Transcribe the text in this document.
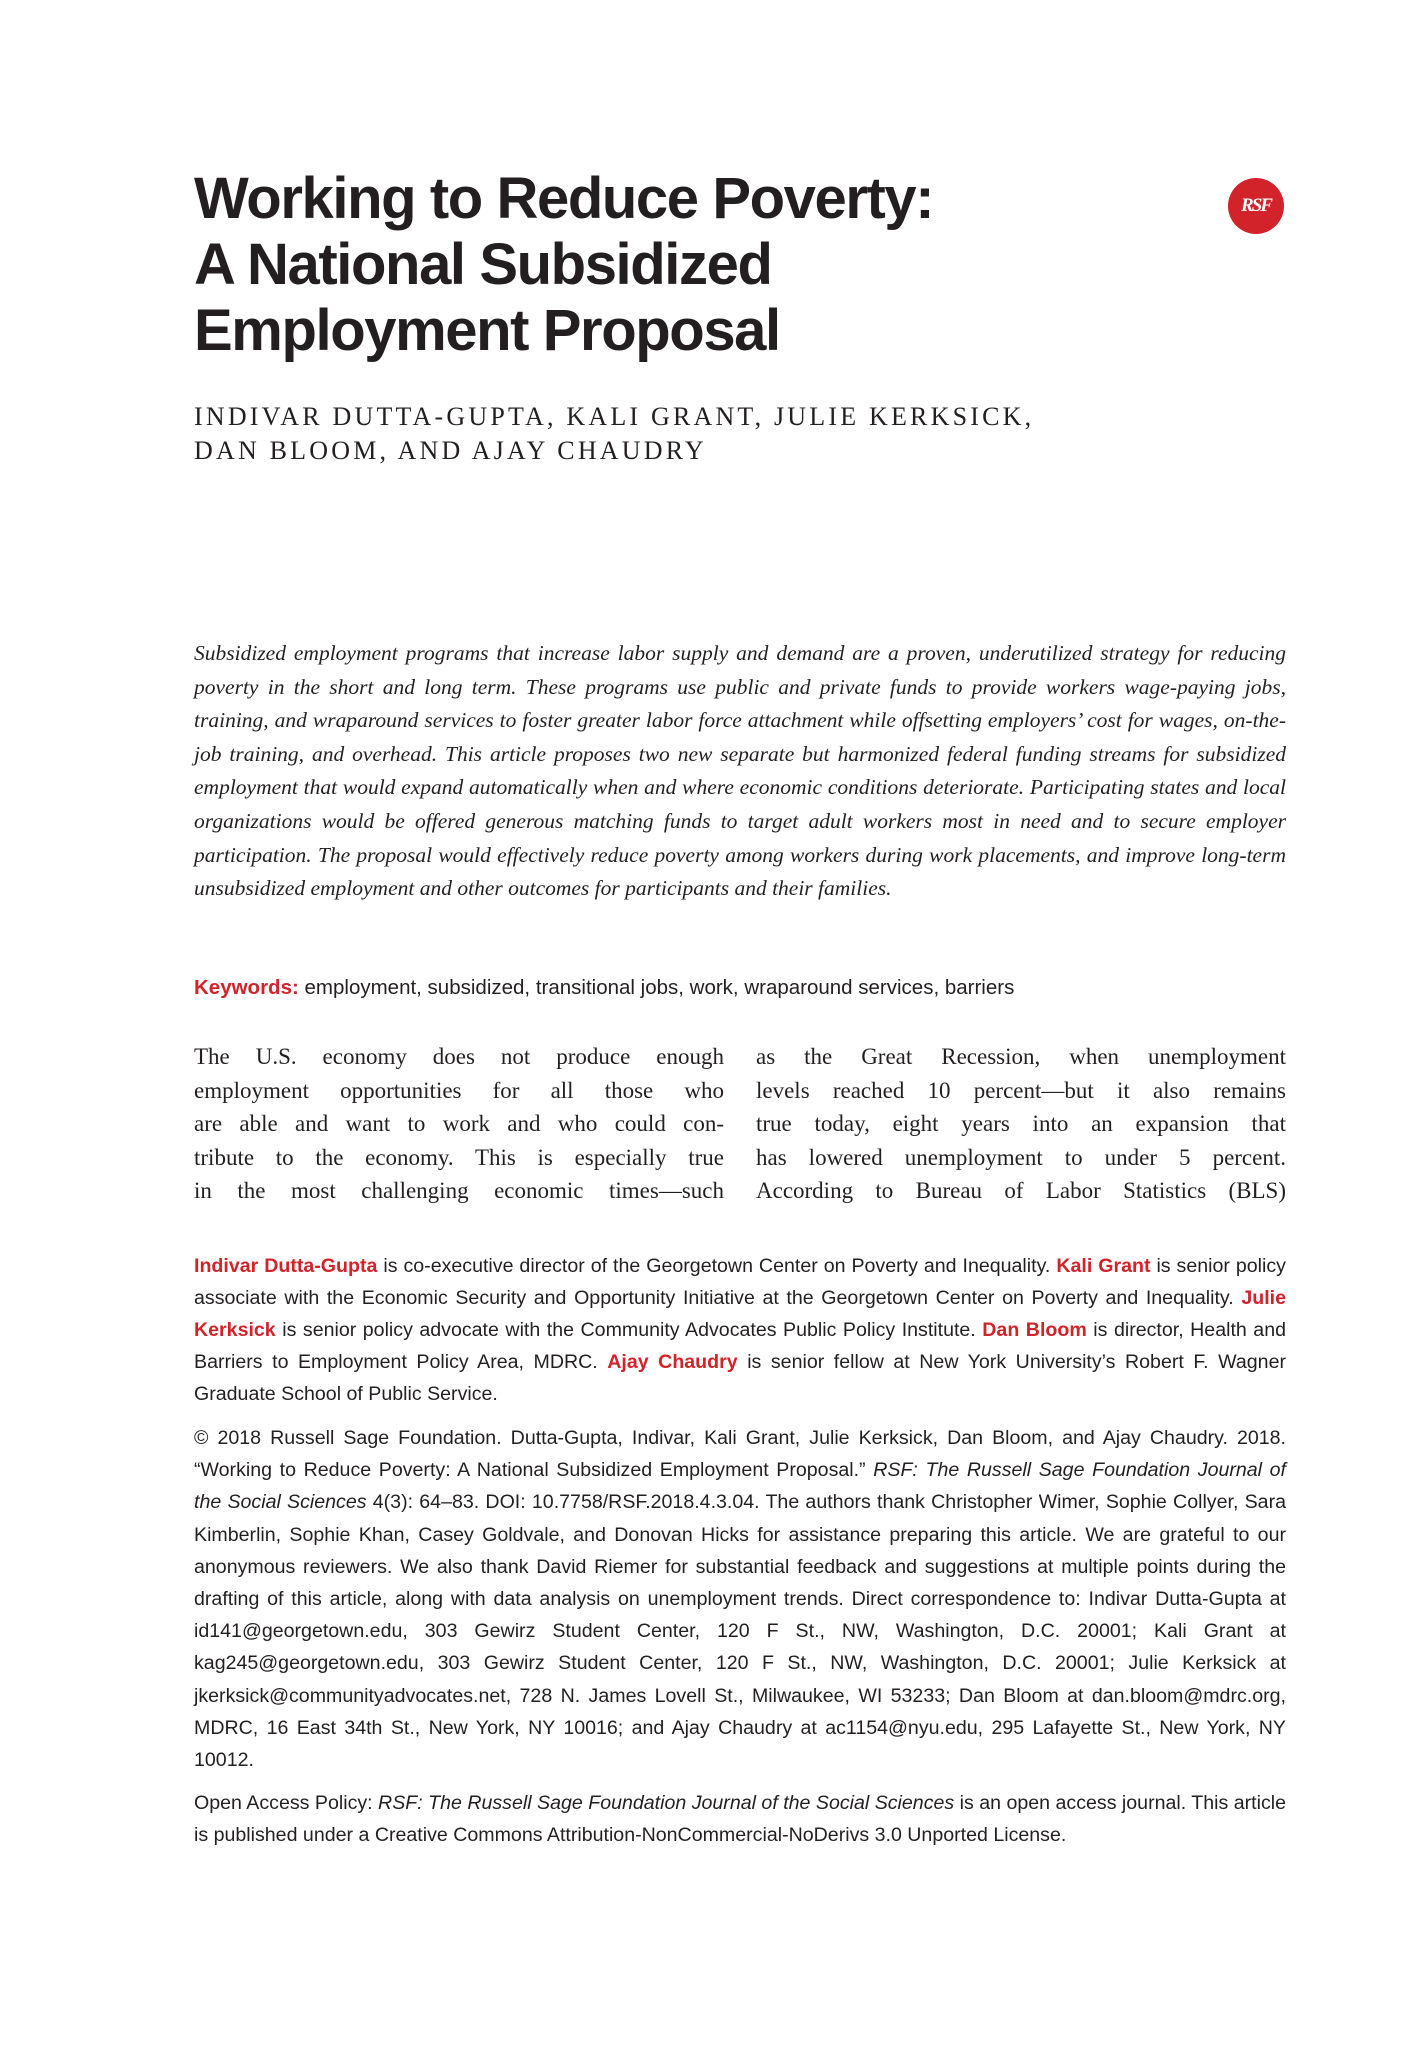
Working to Reduce Poverty:
A National Subsidized
Employment Proposal
RSF

INDIVAR DUTTA-GUPTA, KALI GRANT, JULIE KERKSICK,
DAN BLOOM, AND AJAY CHAUDRY

Subsidized employment programs that increase labor supply and demand are a proven, underutilized strategy for reducing poverty in the short and long term. These programs use public and private funds to provide workers wage-paying jobs, training, and wraparound services to foster greater labor force attachment while offsetting employers’ cost for wages, on-the-job training, and overhead. This article proposes two new separate but harmonized federal funding streams for subsidized employment that would expand automatically when and where economic conditions deteriorate. Participating states and local organizations would be offered generous matching funds to target adult workers most in need and to secure employer participation. The proposal would effectively reduce poverty among workers during work placements, and improve long-term unsubsidized employment and other outcomes for participants and their families.

Keywords: employment, subsidized, transitional jobs, work, wraparound services, barriers
The U.S. economy does not produce enough
employment opportunities for all those who
are able and want to work and who could con-
tribute to the economy. This is especially true
in the most challenging economic times—such
as the Great Recession, when unemployment
levels reached 10 percent—but it also remains
true today, eight years into an expansion that
has lowered unemployment to under 5 percent.
According to Bureau of Labor Statistics (BLS)

Indivar Dutta-Gupta is co-executive director of the Georgetown Center on Poverty and Inequality. Kali Grant is senior policy associate with the Economic Security and Opportunity Initiative at the Georgetown Center on Poverty and Inequality. Julie Kerksick is senior policy advocate with the Community Advocates Public Policy Institute. Dan Bloom is director, Health and Barriers to Employment Policy Area, MDRC. Ajay Chaudry is senior fellow at New York University’s Robert F. Wagner Graduate School of Public Service.

© 2018 Russell Sage Foundation. Dutta-Gupta, Indivar, Kali Grant, Julie Kerksick, Dan Bloom, and Ajay Chaudry. 2018. “Working to Reduce Poverty: A National Subsidized Employment Proposal.” RSF: The Russell Sage Foundation Journal of the Social Sciences 4(3): 64–83. DOI: 10.7758/RSF.2018.4.3.04. The authors thank Christopher Wimer, Sophie Collyer, Sara Kimberlin, Sophie Khan, Casey Goldvale, and Donovan Hicks for assistance preparing this article. We are grateful to our anonymous reviewers. We also thank David Riemer for substantial feedback and suggestions at multiple points during the drafting of this article, along with data analysis on unemployment trends. Direct correspondence to: Indivar Dutta-Gupta at id141@georgetown.edu, 303 Gewirz Student Center, 120 F St., NW, Washington, D.C. 20001; Kali Grant at kag245@georgetown.edu, 303 Gewirz Student Center, 120 F St., NW, Washington, D.C. 20001; Julie Kerksick at jkerksick@communityadvocates.net, 728 N. James Lovell St., Milwaukee, WI 53233; Dan Bloom at dan.bloom@mdrc.org, MDRC, 16 East 34th St., New York, NY 10016; and Ajay Chaudry at ac1154@nyu.edu, 295 Lafayette St., New York, NY 10012.

Open Access Policy: RSF: The Russell Sage Foundation Journal of the Social Sciences is an open access journal. This article is published under a Creative Commons Attribution-NonCommercial-NoDerivs 3.0 Unported License.
